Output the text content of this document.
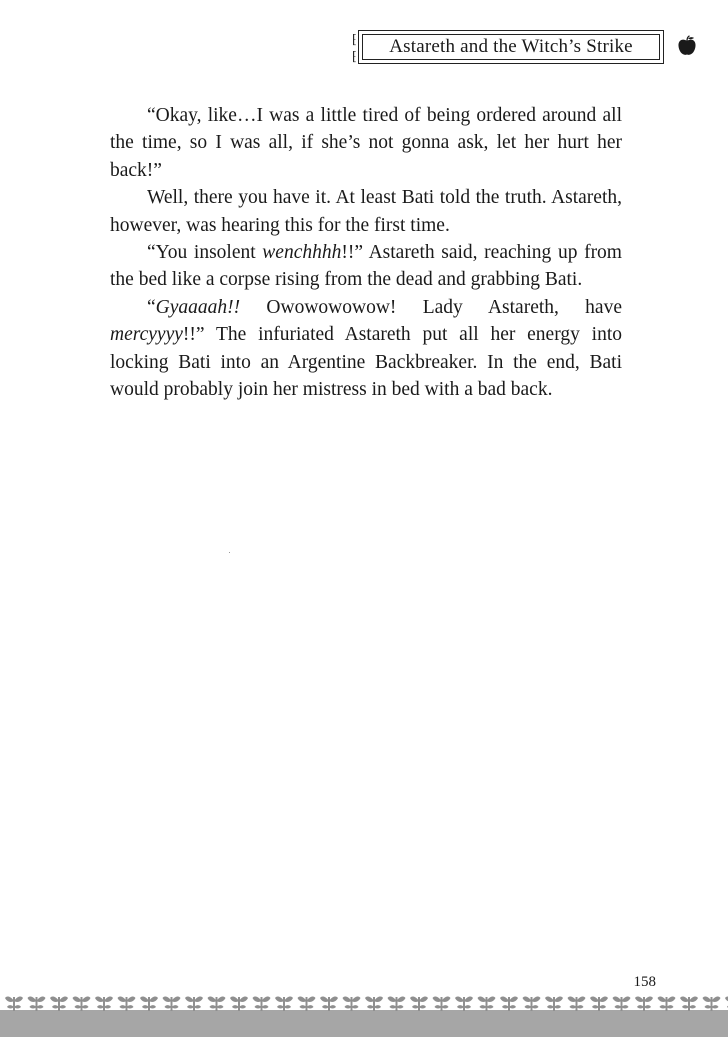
Astareth and the Witch’s Strike
⁅
⁅

“Okay, like…I was a little tired of being ordered around all the time, so I was all, if she’s not gonna ask, let her hurt her back!”

Well, there you have it. At least Bati told the truth. Astareth, however, was hearing this for the first time.

“You insolent wenchhhh!!” Astareth said, reaching up from the bed like a corpse rising from the dead and grabbing Bati.

“Gyaaaah!! Owowowowow! Lady Astareth, have mercyyyy!!” The infuriated Astareth put all her energy into locking Bati into an Argentine Backbreaker. In the end, Bati would probably join her mistress in bed with a bad back.

158
